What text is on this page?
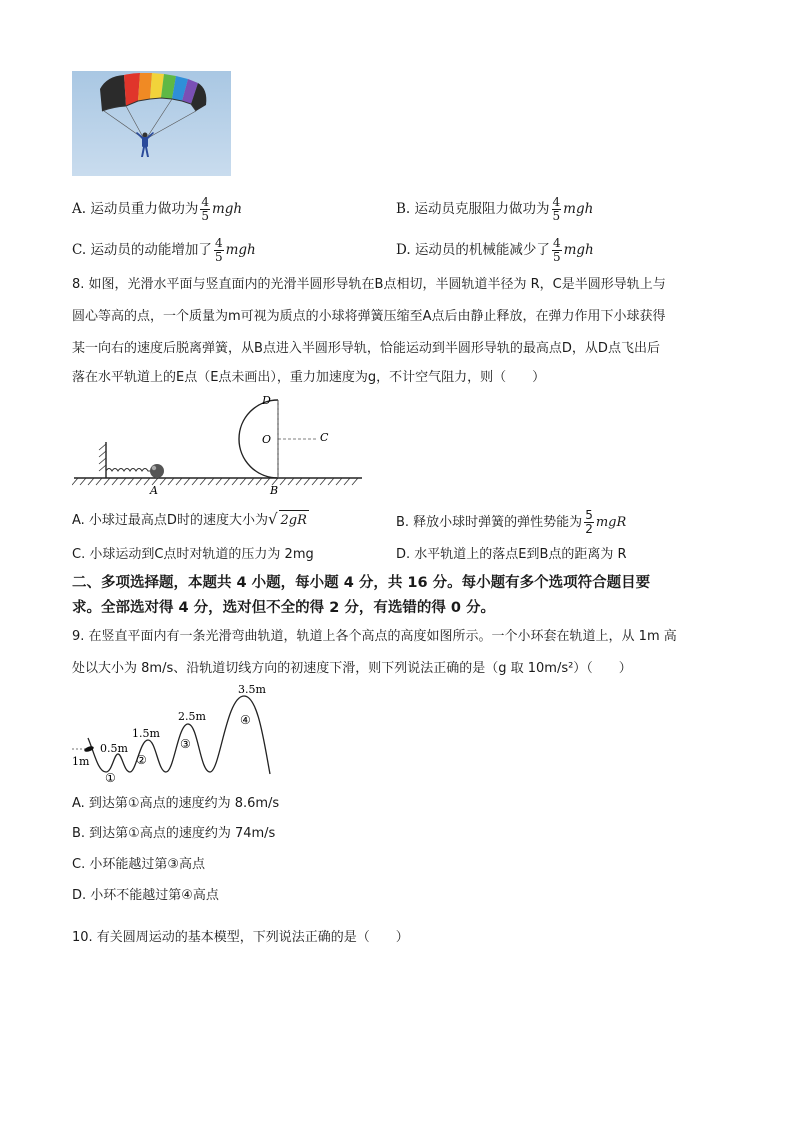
A. 运动员重力做功为 $\frac{4}{5}$ mgh	B. 运动员克服阻力做功为 $\frac{4}{5}$ mgh
C. 运动员的动能增加了 $\frac{4}{5}$ mgh	D. 运动员的机械能减少了 $\frac{4}{5}$ mgh
8. 如图，光滑水平面与竖直面内的光滑半圆形导轨在B点相切，半圆轨道半径为 R，C是半圆形导轨上与
圆心等高的点，一个质量为m可视为质点的小球将弹簧压缩至A点后由静止释放，在弹力作用下小球获得
某一向右的速度后脱离弹簧，从B点进入半圆形导轨，恰能运动到半圆形导轨的最高点D，从D点飞出后
落在水平轨道上的E点（E点未画出），重力加速度为g，不计空气阻力，则（　　）
D
O	C
A	B
A. 小球过最高点D时的速度大小为√ 2gR	B. 释放小球时弹簧的弹性势能为 $\frac{5}{2}$ mgR
C. 小球运动到C点时对轨道的压力为 2mg	D. 水平轨道上的落点E到B点的距离为 R
二、多项选择题，本题共 4 小题，每小题 4 分，共 16 分。每小题有多个选项符合题目要
求。全部选对得 4 分，选对但不全的得 2 分，有选错的得 0 分。
9. 在竖直平面内有一条光滑弯曲轨道，轨道上各个高点的高度如图所示。一个小环套在轨道上，从 1m 高
处以大小为 8m/s、沿轨道切线方向的初速度下滑，则下列说法正确的是（g 取 10m/s²）（　　）
1m
0.5m
1.5m
2.5m
3.5m
①
②
③
④
A. 到达第①高点的速度约为 8.6m/s
B. 到达第①高点的速度约为 74m/s
C. 小环能越过第③高点
D. 小环不能越过第④高点
10. 有关圆周运动的基本模型，下列说法正确的是（　　）
